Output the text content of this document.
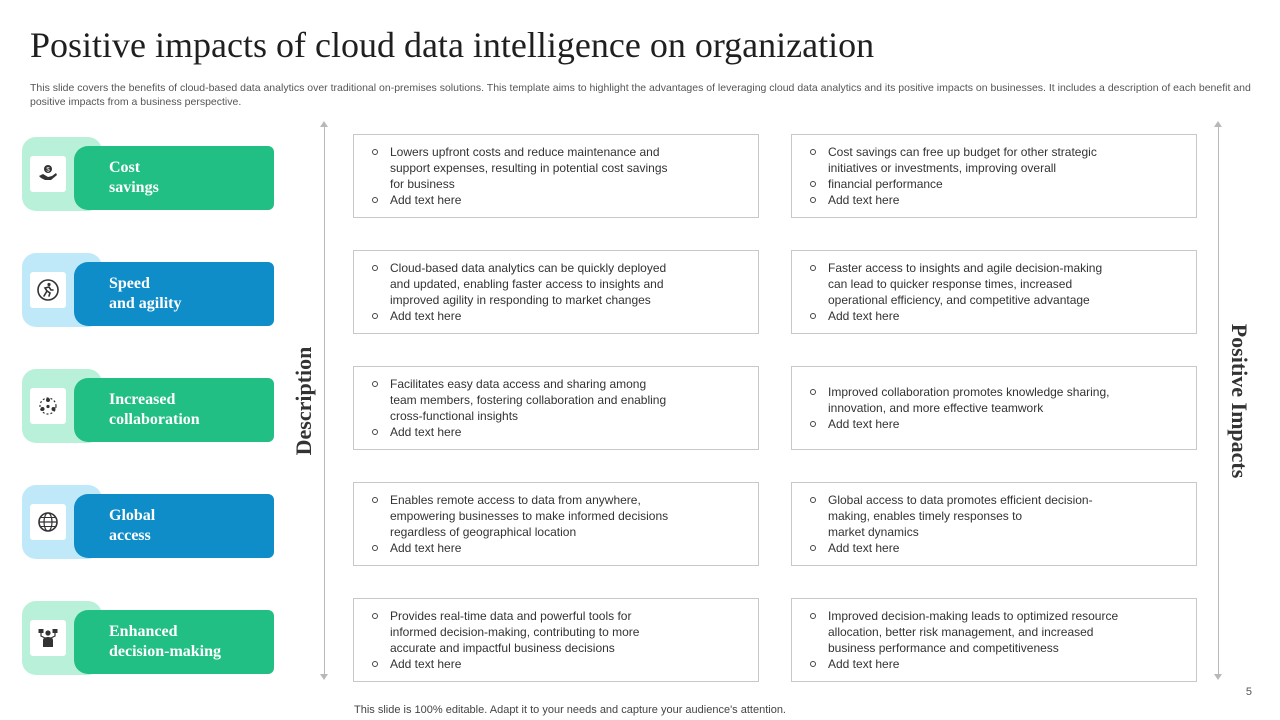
Positive impacts of cloud data intelligence on organization
This slide covers the benefits of cloud-based data analytics over traditional on-premises solutions. This template aims to highlight the advantages of leveraging cloud data analytics and its positive impacts on businesses. It includes a description of each benefit and positive impacts from a business perspective.
$	Cost
savings
Speed
and agility
Increased
collaboration
Global
access
Enhanced
decision-making
Description	Positive Impacts
Lowers upfront costs and reduce maintenance and
support expenses, resulting in potential cost savings
for business
Add text here
Cloud-based data analytics can be quickly deployed
and updated, enabling faster access to insights and
improved agility in responding to market changes
Add text here
Facilitates easy data access and sharing among
team members, fostering collaboration and enabling
cross-functional insights
Add text here
Enables remote access to data from anywhere,
empowering businesses to make informed decisions
regardless of geographical location
Add text here
Provides real-time data and powerful tools for
informed decision-making, contributing to more
accurate and impactful business decisions
Add text here
Cost savings can free up budget for other strategic
initiatives or investments, improving overall
financial performance
Add text here
Faster access to insights and agile decision-making
can lead to quicker response times, increased
operational efficiency, and competitive advantage
Add text here
Improved collaboration promotes knowledge sharing,
innovation, and more effective teamwork
Add text here
Global access to data promotes efficient decision-
making, enables timely responses to
market dynamics
Add text here
Improved decision-making leads to optimized resource
allocation, better risk management, and increased
business performance and competitiveness
Add text here
5
This slide is 100% editable. Adapt it to your needs and capture your audience's attention.
